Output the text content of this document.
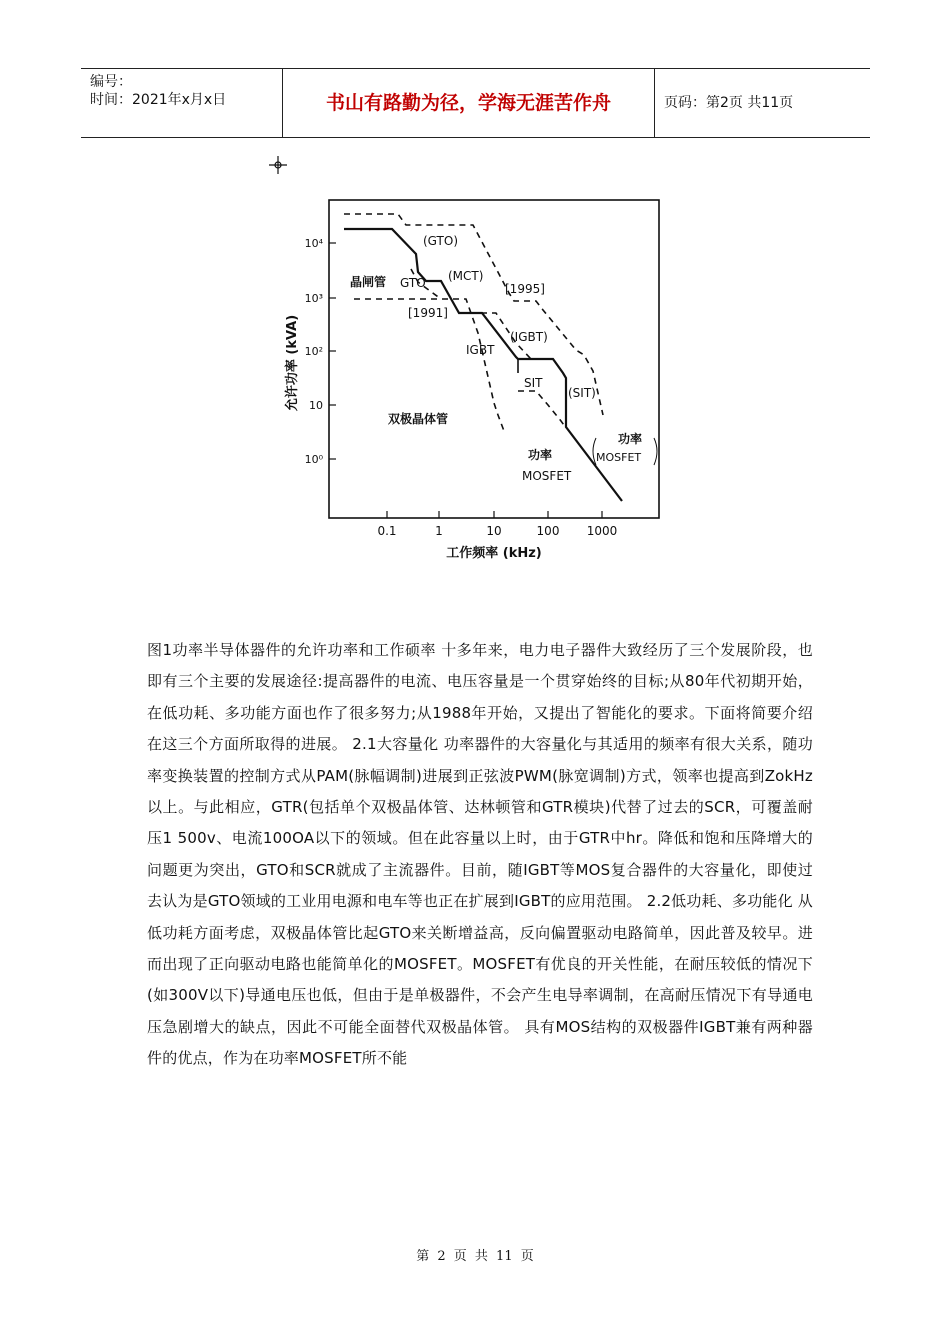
编号：
时间：2021年x月x日	书山有路勤为径，学海无涯苦作舟	页码：第2页 共11页
10⁴
10³
10²
10
10⁰
0.1	1	10	100 1000
允许功率 (kVA)
工作频率 (kHz)
(GTO)
晶闸管 GTO (MCT)
[1995]
[1991]
(IGBT)
IGBT
SIT
(SIT)
双极晶体管
功率
MOSFET
功率
MOSFET
图1功率半导体器件的允许功率和工作硕率 十多年来，电力电子器件大致经历了三个发展阶段，也即有三个主要的发展途径:提高器件的电流、电压容量是一个贯穿始终的目标;从80年代初期开始，在低功耗、多功能方面也作了很多努力;从1988年开始，又提出了智能化的要求。下面将简要介绍在这三个方面所取得的进展。 2.1大容量化 功率器件的大容量化与其适用的频率有很大关系，随功率变换装置的控制方式从PAM(脉幅调制)进展到正弦波PWM(脉宽调制)方式，领率也提高到ZokHz以上。与此相应，GTR(包括单个双极晶体管、达林顿管和GTR模块)代替了过去的SCR，可覆盖耐压1 500v、电流100OA以下的领域。但在此容量以上时，由于GTR中hr。降低和饱和压降增大的问题更为突出，GTO和SCR就成了主流器件。目前，随IGBT等MOS复合器件的大容量化，即使过去认为是GTO领域的工业用电源和电车等也正在扩展到IGBT的应用范围。 2.2低功耗、多功能化 从低功耗方面考虑，双极晶体管比起GTO来关断增益高，反向偏置驱动电路简单，因此普及较早。进而出现了正向驱动电路也能简单化的MOSFET。MOSFET有优良的开关性能，在耐压较低的情况下(如300V以下)导通电压也低，但由于是单极器件，不会产生电导率调制，在高耐压情况下有导通电压急剧增大的缺点，因此不可能全面替代双极晶体管。 具有MOS结构的双极器件IGBT兼有两种器件的优点，作为在功率MOSFET所不能
第 2 页 共 11 页
